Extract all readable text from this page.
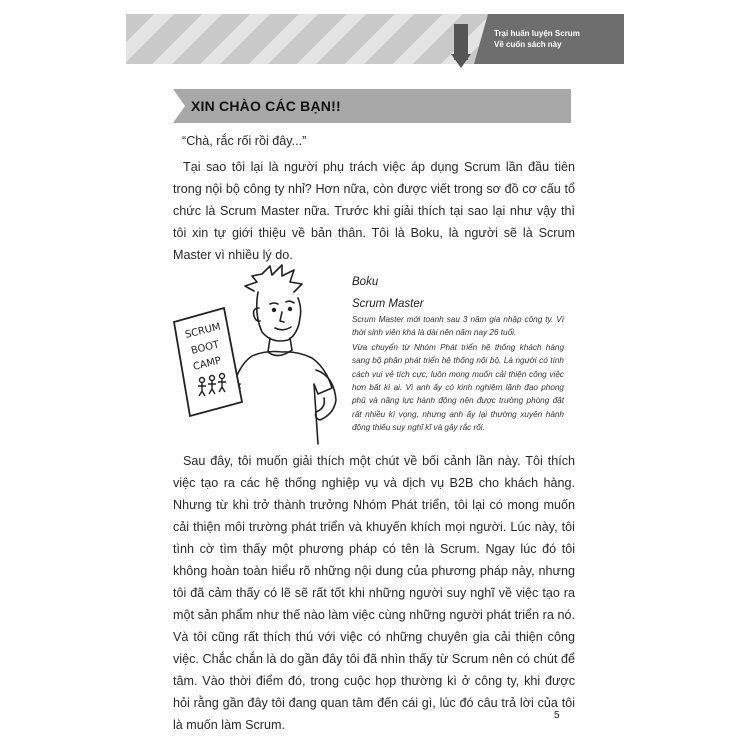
Trại huấn luyện Scrum
Về cuốn sách này
XIN CHÀO CÁC BẠN!!
“Chà, rắc rối rồi đây...”

Tại sao tôi lại là người phụ trách việc áp dụng Scrum lần đầu tiên trong nội bộ công ty nhỉ? Hơn nữa, còn được viết trong sơ đồ cơ cấu tổ chức là Scrum Master nữa. Trước khi giải thích tại sao lại như vậy thì tôi xin tự giới thiệu về bản thân. Tôi là Boku, là người sẽ là Scrum Master vì nhiều lý do.

SCRUM
BOOT
CAMP
Boku
Scrum Master

Scrum Master mới toanh sau 3 năm gia nhập công ty. Vì thời sinh viên khá là dài nên năm nay 26 tuổi.

Vừa chuyển từ Nhóm Phát triển hệ thống khách hàng sang bộ phận phát triển hệ thống nội bộ. Là người có tính cách vui vẻ tích cực, luôn mong muốn cải thiện công việc hơn bất kì ai. Vì anh ấy có kinh nghiệm lãnh đạo phong phú và năng lực hành động nên được trường phòng đặt rất nhiều kì vọng, nhưng anh ấy lại thường xuyên hành động thiếu suy nghĩ kĩ và gây rắc rối.

Sau đây, tôi muốn giải thích một chút về bối cảnh lần này. Tôi thích việc tạo ra các hệ thống nghiệp vụ và dịch vụ B2B cho khách hàng. Nhưng từ khi trở thành trưởng Nhóm Phát triển, tôi lại có mong muốn cải thiện môi trường phát triển và khuyến khích mọi người. Lúc này, tôi tình cờ tìm thấy một phương pháp có tên là Scrum. Ngay lúc đó tôi không hoàn toàn hiểu rõ những nội dung của phương pháp này, nhưng tôi đã cảm thấy có lẽ sẽ rất tốt khi những người suy nghĩ về việc tạo ra một sản phẩm như thế nào làm việc cùng những người phát triển ra nó. Và tôi cũng rất thích thú với việc có những chuyên gia cải thiện công việc. Chắc chắn là do gần đây tôi đã nhìn thấy từ Scrum nên có chút để tâm. Vào thời điểm đó, trong cuộc họp thường kì ở công ty, khi được hỏi rằng gần đây tôi đang quan tâm đến cái gì, lúc đó câu trả lời của tôi là muốn làm Scrum.

5
